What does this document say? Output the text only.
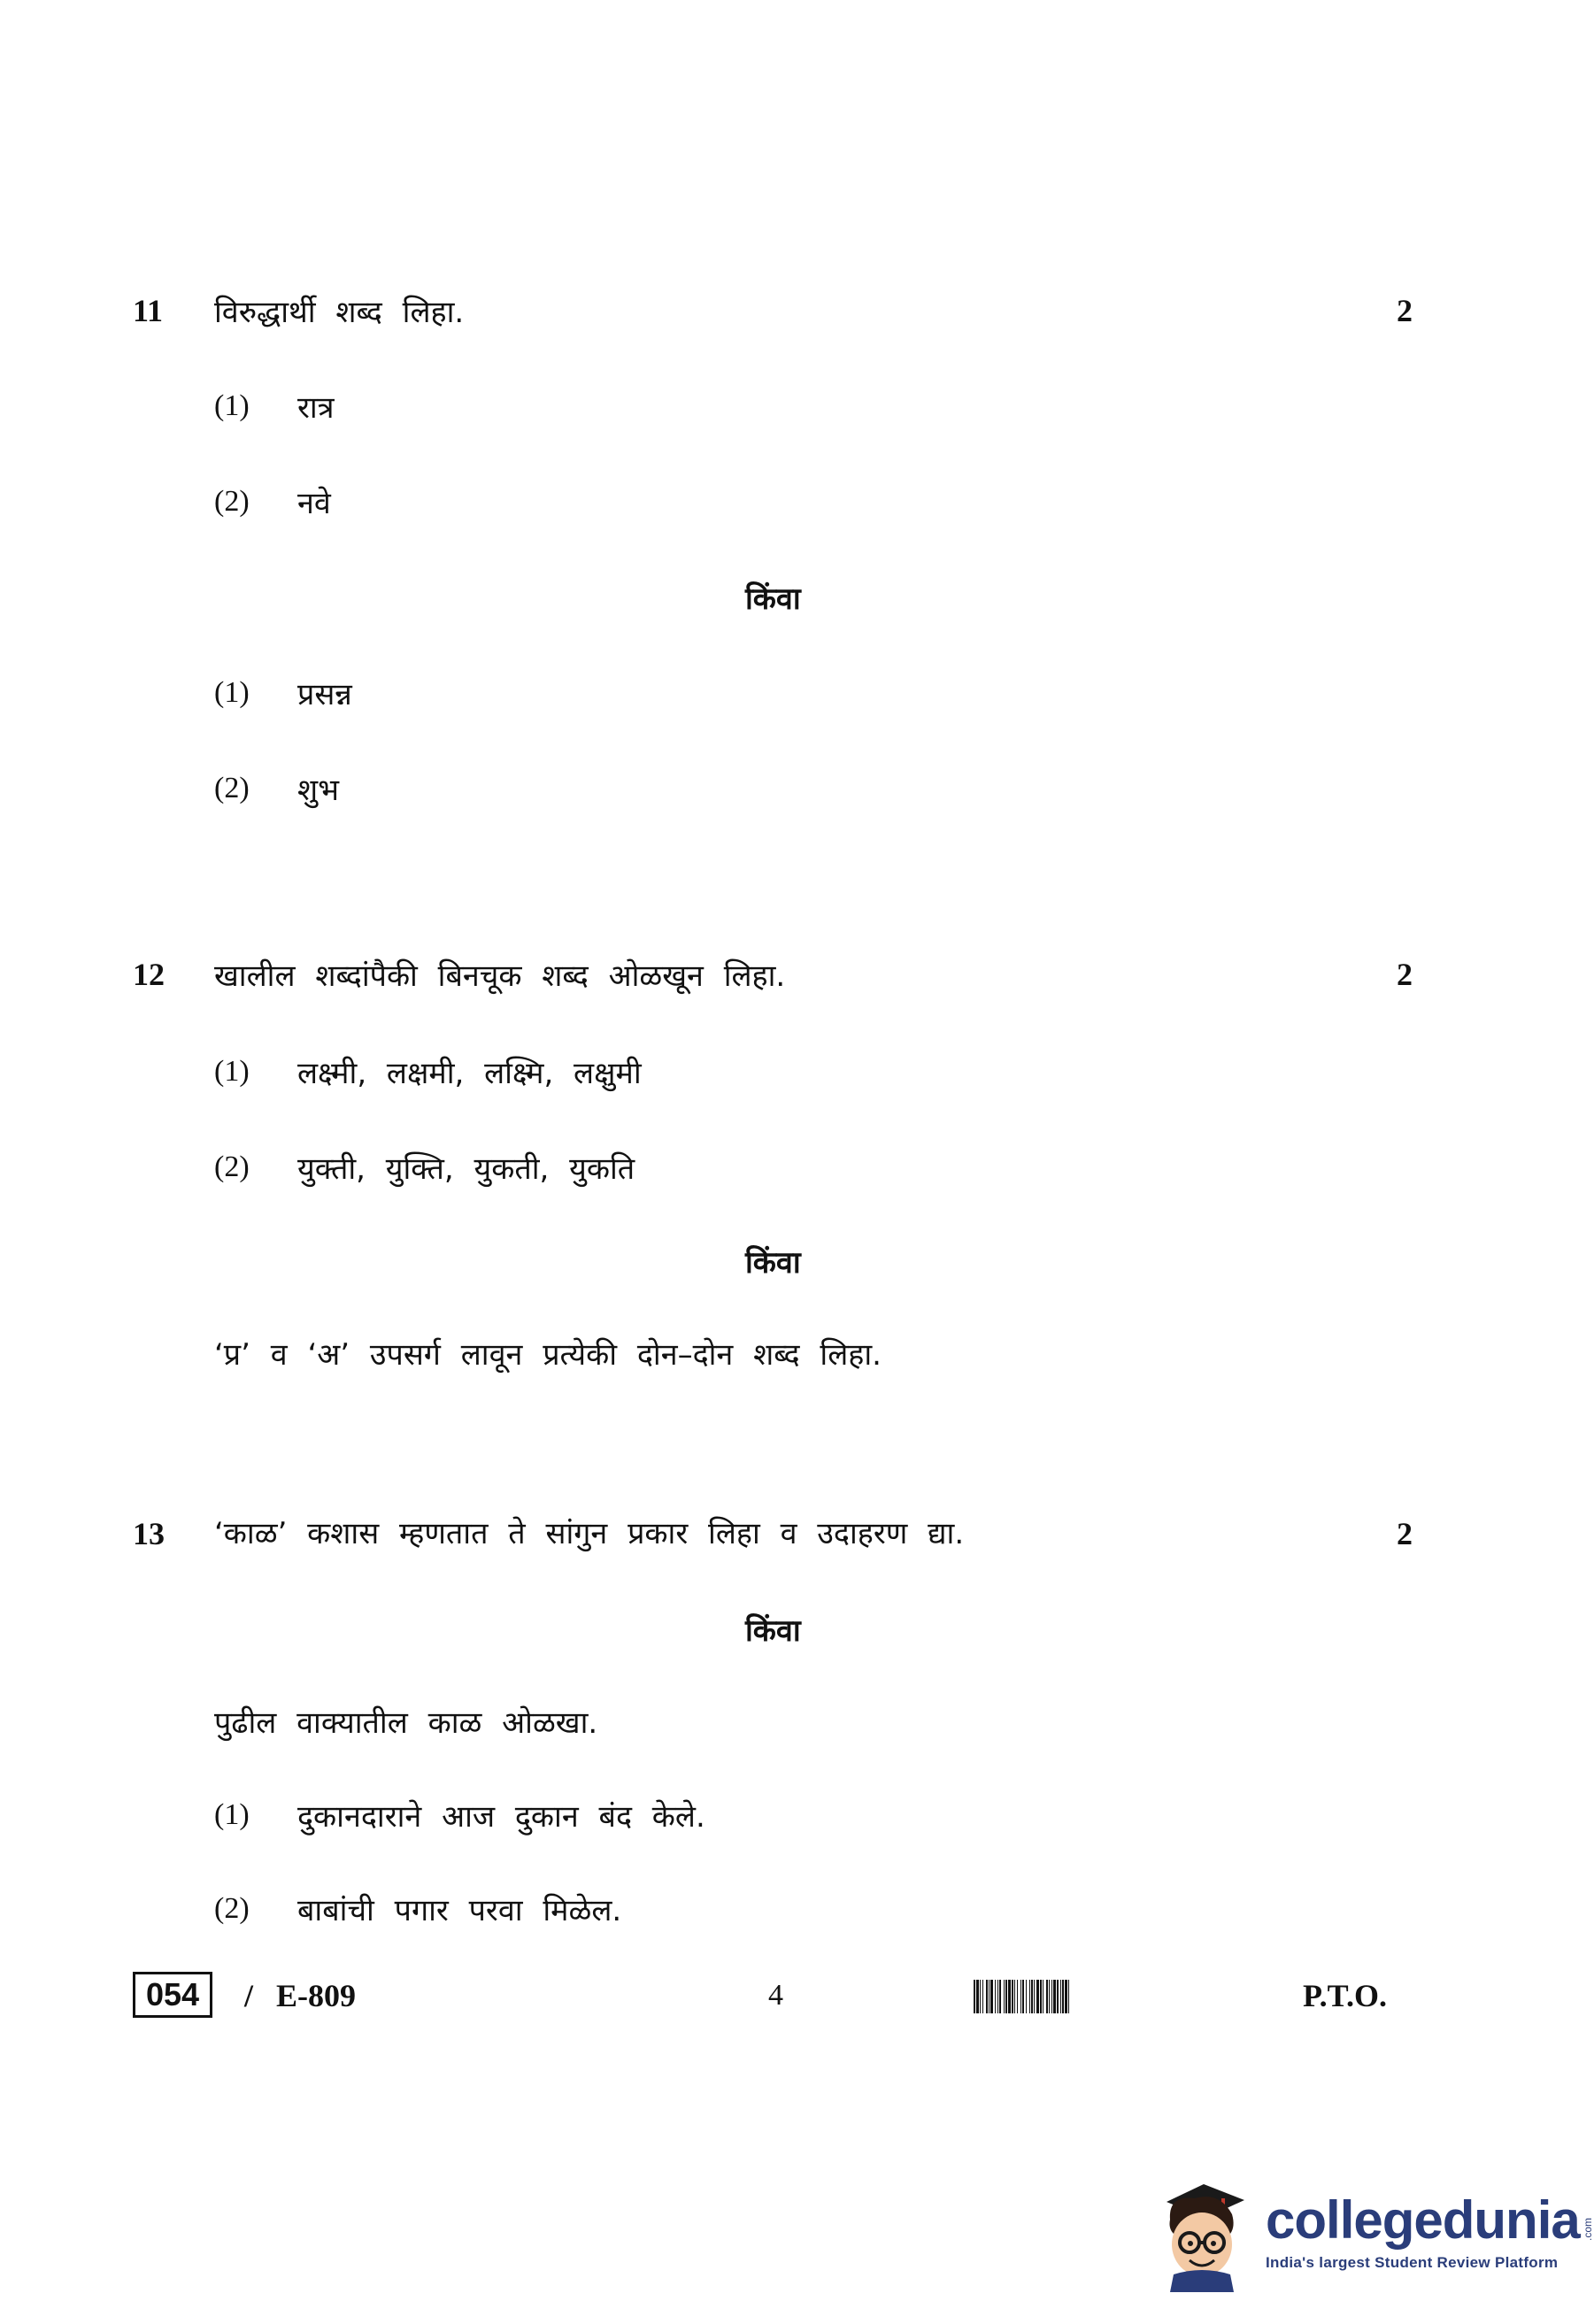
11 विरुद्धार्थी शब्द लिहा.	2
(1) रात्र
(2) नवे
किंवा
(1) प्रसन्न
(2) शुभ
12 खालील शब्दांपैकी बिनचूक शब्द ओळखून लिहा.	2
(1) लक्ष्मी, लक्षमी, लक्ष्मि, लक्षुमी
(2) युक्ती, युक्ति, युकती, युकति
किंवा
‘प्र’ व ‘अ’ उपसर्ग लावून प्रत्येकी दोन–दोन शब्द लिहा.
13 ‘काळ’ कशास म्हणतात ते सांगुन प्रकार लिहा व उदाहरण द्या.	2
किंवा
पुढील वाक्यातील काळ ओळखा.
(1) दुकानदाराने आज दुकान बंद केले.
(2) बाबांची पगार परवा मिळेल.
054	/ E-809	4	P.T.O.
collegedunia .com
India's largest Student Review Platform
